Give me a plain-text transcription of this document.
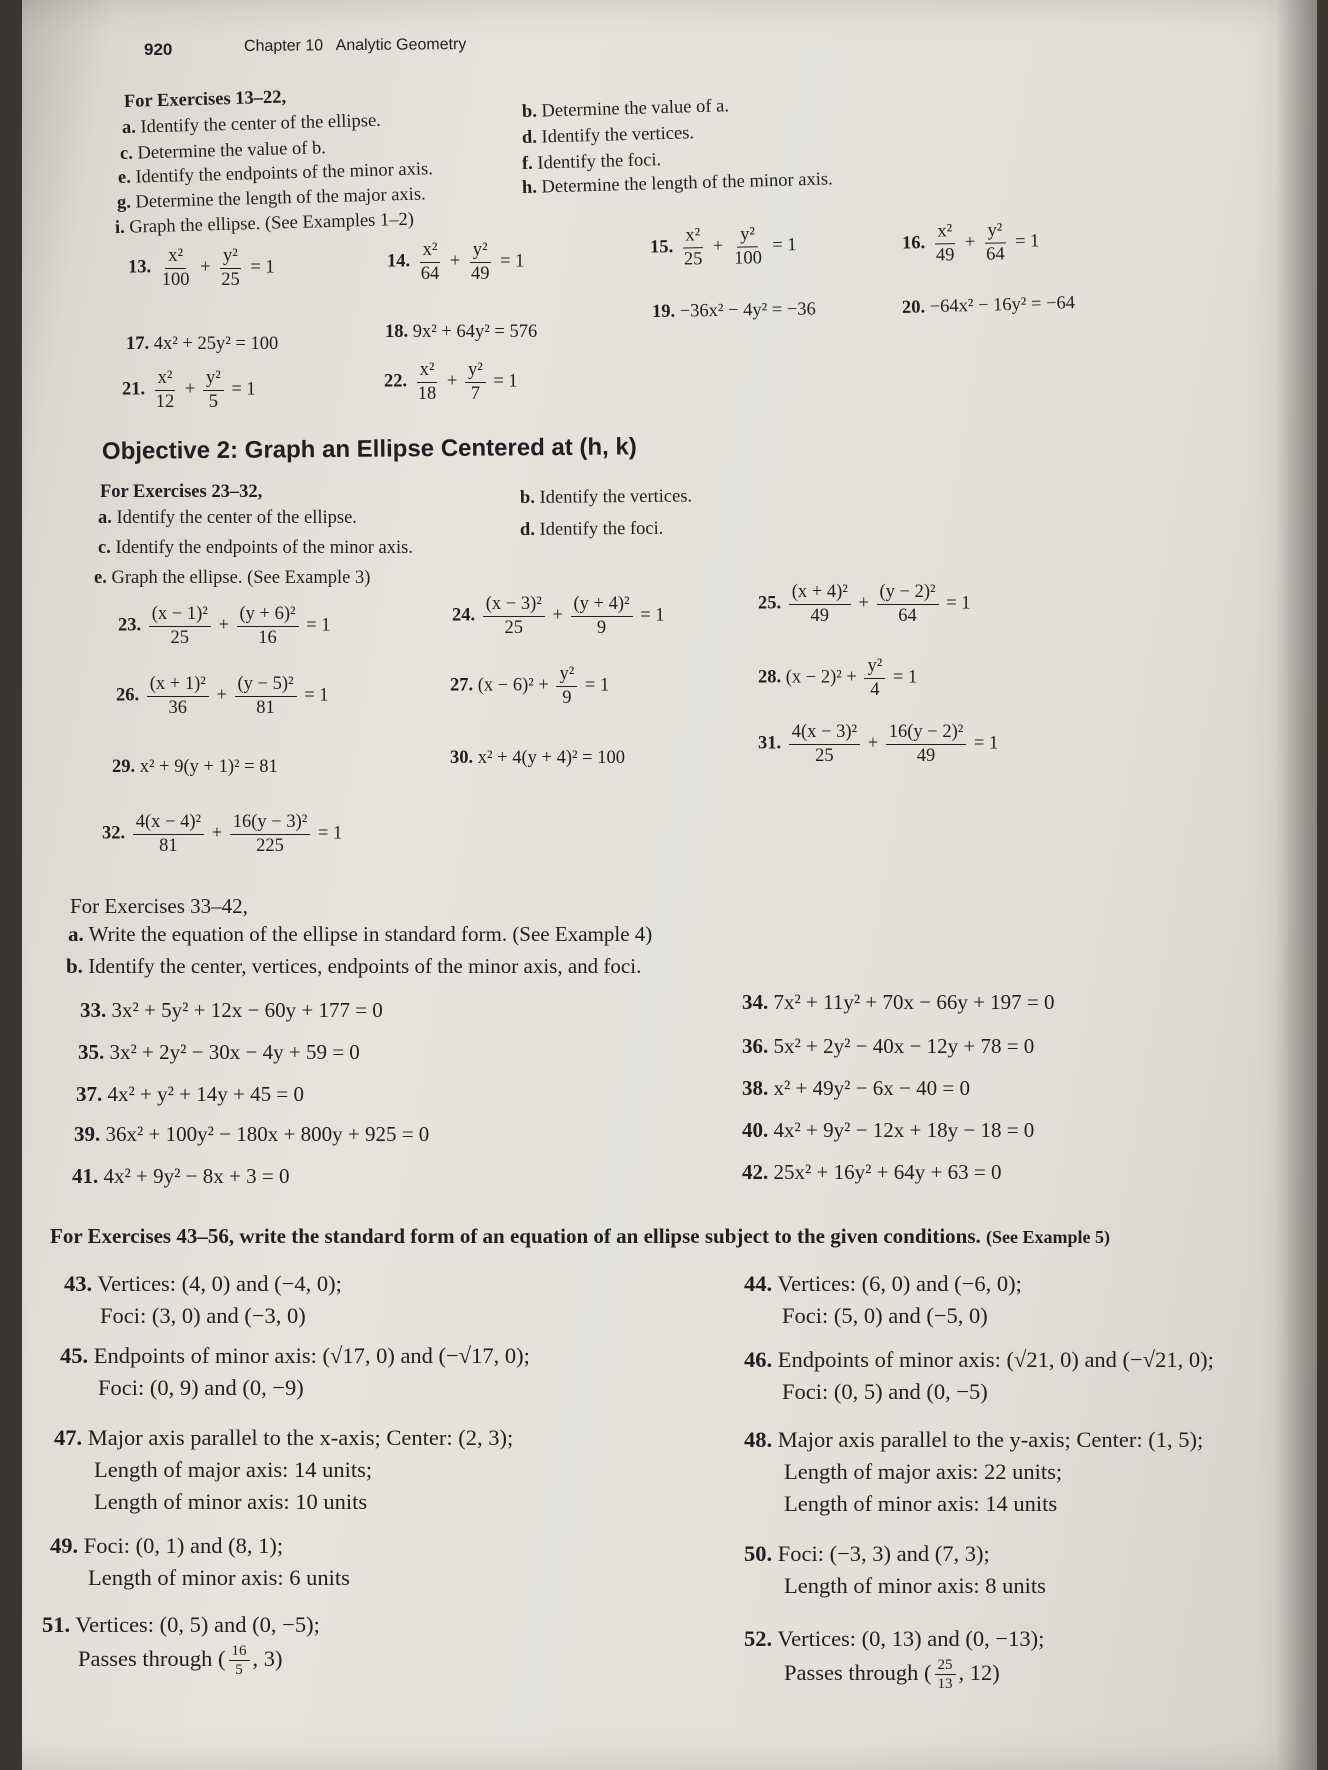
920	Chapter 10 Analytic Geometry
For Exercises 13–22,
a. Identify the center of the ellipse.
c. Determine the value of b.
e. Identify the endpoints of the minor axis.
g. Determine the length of the major axis.
i. Graph the ellipse. (See Examples 1–2)
b. Determine the value of a.
d. Identify the vertices.
f. Identify the foci.
h. Determine the length of the minor axis.
13. $\frac{\text{x²}}{100} + \frac{\text{y²}}{25} = 1$	14. $\frac{\text{x²}}{64} + \frac{\text{y²}}{49} = 1$
15. $\frac{\text{x²}}{25} + \frac{\text{y²}}{100} = 1$	16. $\frac{\text{x²}}{49} + \frac{\text{y²}}{64} = 1$
17. 4x² + 25y² = 100
18. 9x² + 64y² = 576
19. −36x² − 4y² = −36	20. −64x² − 16y² = −64
21. $\frac{\text{x²}}{12} + \frac{\text{y²}}{5} = 1$	22. $\frac{\text{x²}}{18} + \frac{\text{y²}}{7} = 1$
Objective 2: Graph an Ellipse Centered at (h, k)
For Exercises 23–32,
a. Identify the center of the ellipse.
c. Identify the endpoints of the minor axis.
e. Graph the ellipse. (See Example 3)
b. Identify the vertices.
d. Identify the foci.
23. $\frac{\text{(x − 1)²}}{25} + \frac{\text{(y + 6)²}}{16} = 1$	24. $\frac{\text{(x − 3)²}}{25} + \frac{\text{(y + 4)²}}{9} = 1$
25. $\frac{\text{(x + 4)²}}{49} + \frac{\text{(y − 2)²}}{64} = 1$
26. $\frac{\text{(x + 1)²}}{36} + \frac{\text{(y − 5)²}}{81} = 1$	27. $(x - 6)^2 + \frac{\text{y²}}{9} = 1$	28. $(x - 2)^2 + \frac{\text{y²}}{4} = 1$
29. x² + 9(y + 1)² = 81	30. x² + 4(y + 4)² = 100
31. $\frac{\text{4(x − 3)²}}{25} + \frac{\text{16(y − 2)²}}{49} = 1$
32. $\frac{\text{4(x − 4)²}}{81} + \frac{\text{16(y − 3)²}}{225} = 1$
For Exercises 33–42,
a. Write the equation of the ellipse in standard form. (See Example 4)
b. Identify the center, vertices, endpoints of the minor axis, and foci.
33. 3x² + 5y² + 12x − 60y + 177 = 0
35. 3x² + 2y² − 30x − 4y + 59 = 0
37. 4x² + y² + 14y + 45 = 0
39. 36x² + 100y² − 180x + 800y + 925 = 0
41. 4x² + 9y² − 8x + 3 = 0
34. 7x² + 11y² + 70x − 66y + 197 = 0
36. 5x² + 2y² − 40x − 12y + 78 = 0
38. x² + 49y² − 6x − 40 = 0
40. 4x² + 9y² − 12x + 18y − 18 = 0
42. 25x² + 16y² + 64y + 63 = 0
For Exercises 43–56, write the standard form of an equation of an ellipse subject to the given conditions. (See Example 5)
43. Vertices: (4, 0) and (−4, 0);
Foci: (3, 0) and (−3, 0)
44. Vertices: (6, 0) and (−6, 0);
Foci: (5, 0) and (−5, 0)
45. Endpoints of minor axis: (√17, 0) and (−√17, 0);
Foci: (0, 9) and (0, −9)
46. Endpoints of minor axis: (√21, 0) and (−√21, 0);
Foci: (0, 5) and (0, −5)
47. Major axis parallel to the x-axis; Center: (2, 3);
Length of major axis: 14 units;
Length of minor axis: 10 units
48. Major axis parallel to the y-axis; Center: (1, 5);
Length of major axis: 22 units;
Length of minor axis: 14 units
49. Foci: (0, 1) and (8, 1);
Length of minor axis: 6 units
50. Foci: (−3, 3) and (7, 3);
Length of minor axis: 8 units
51. Vertices: (0, 5) and (0, −5);
Passes through ( $\frac{16}{5}$ , 3)
52. Vertices: (0, 13) and (0, −13);
Passes through ( $\frac{25}{13}$ , 12)
